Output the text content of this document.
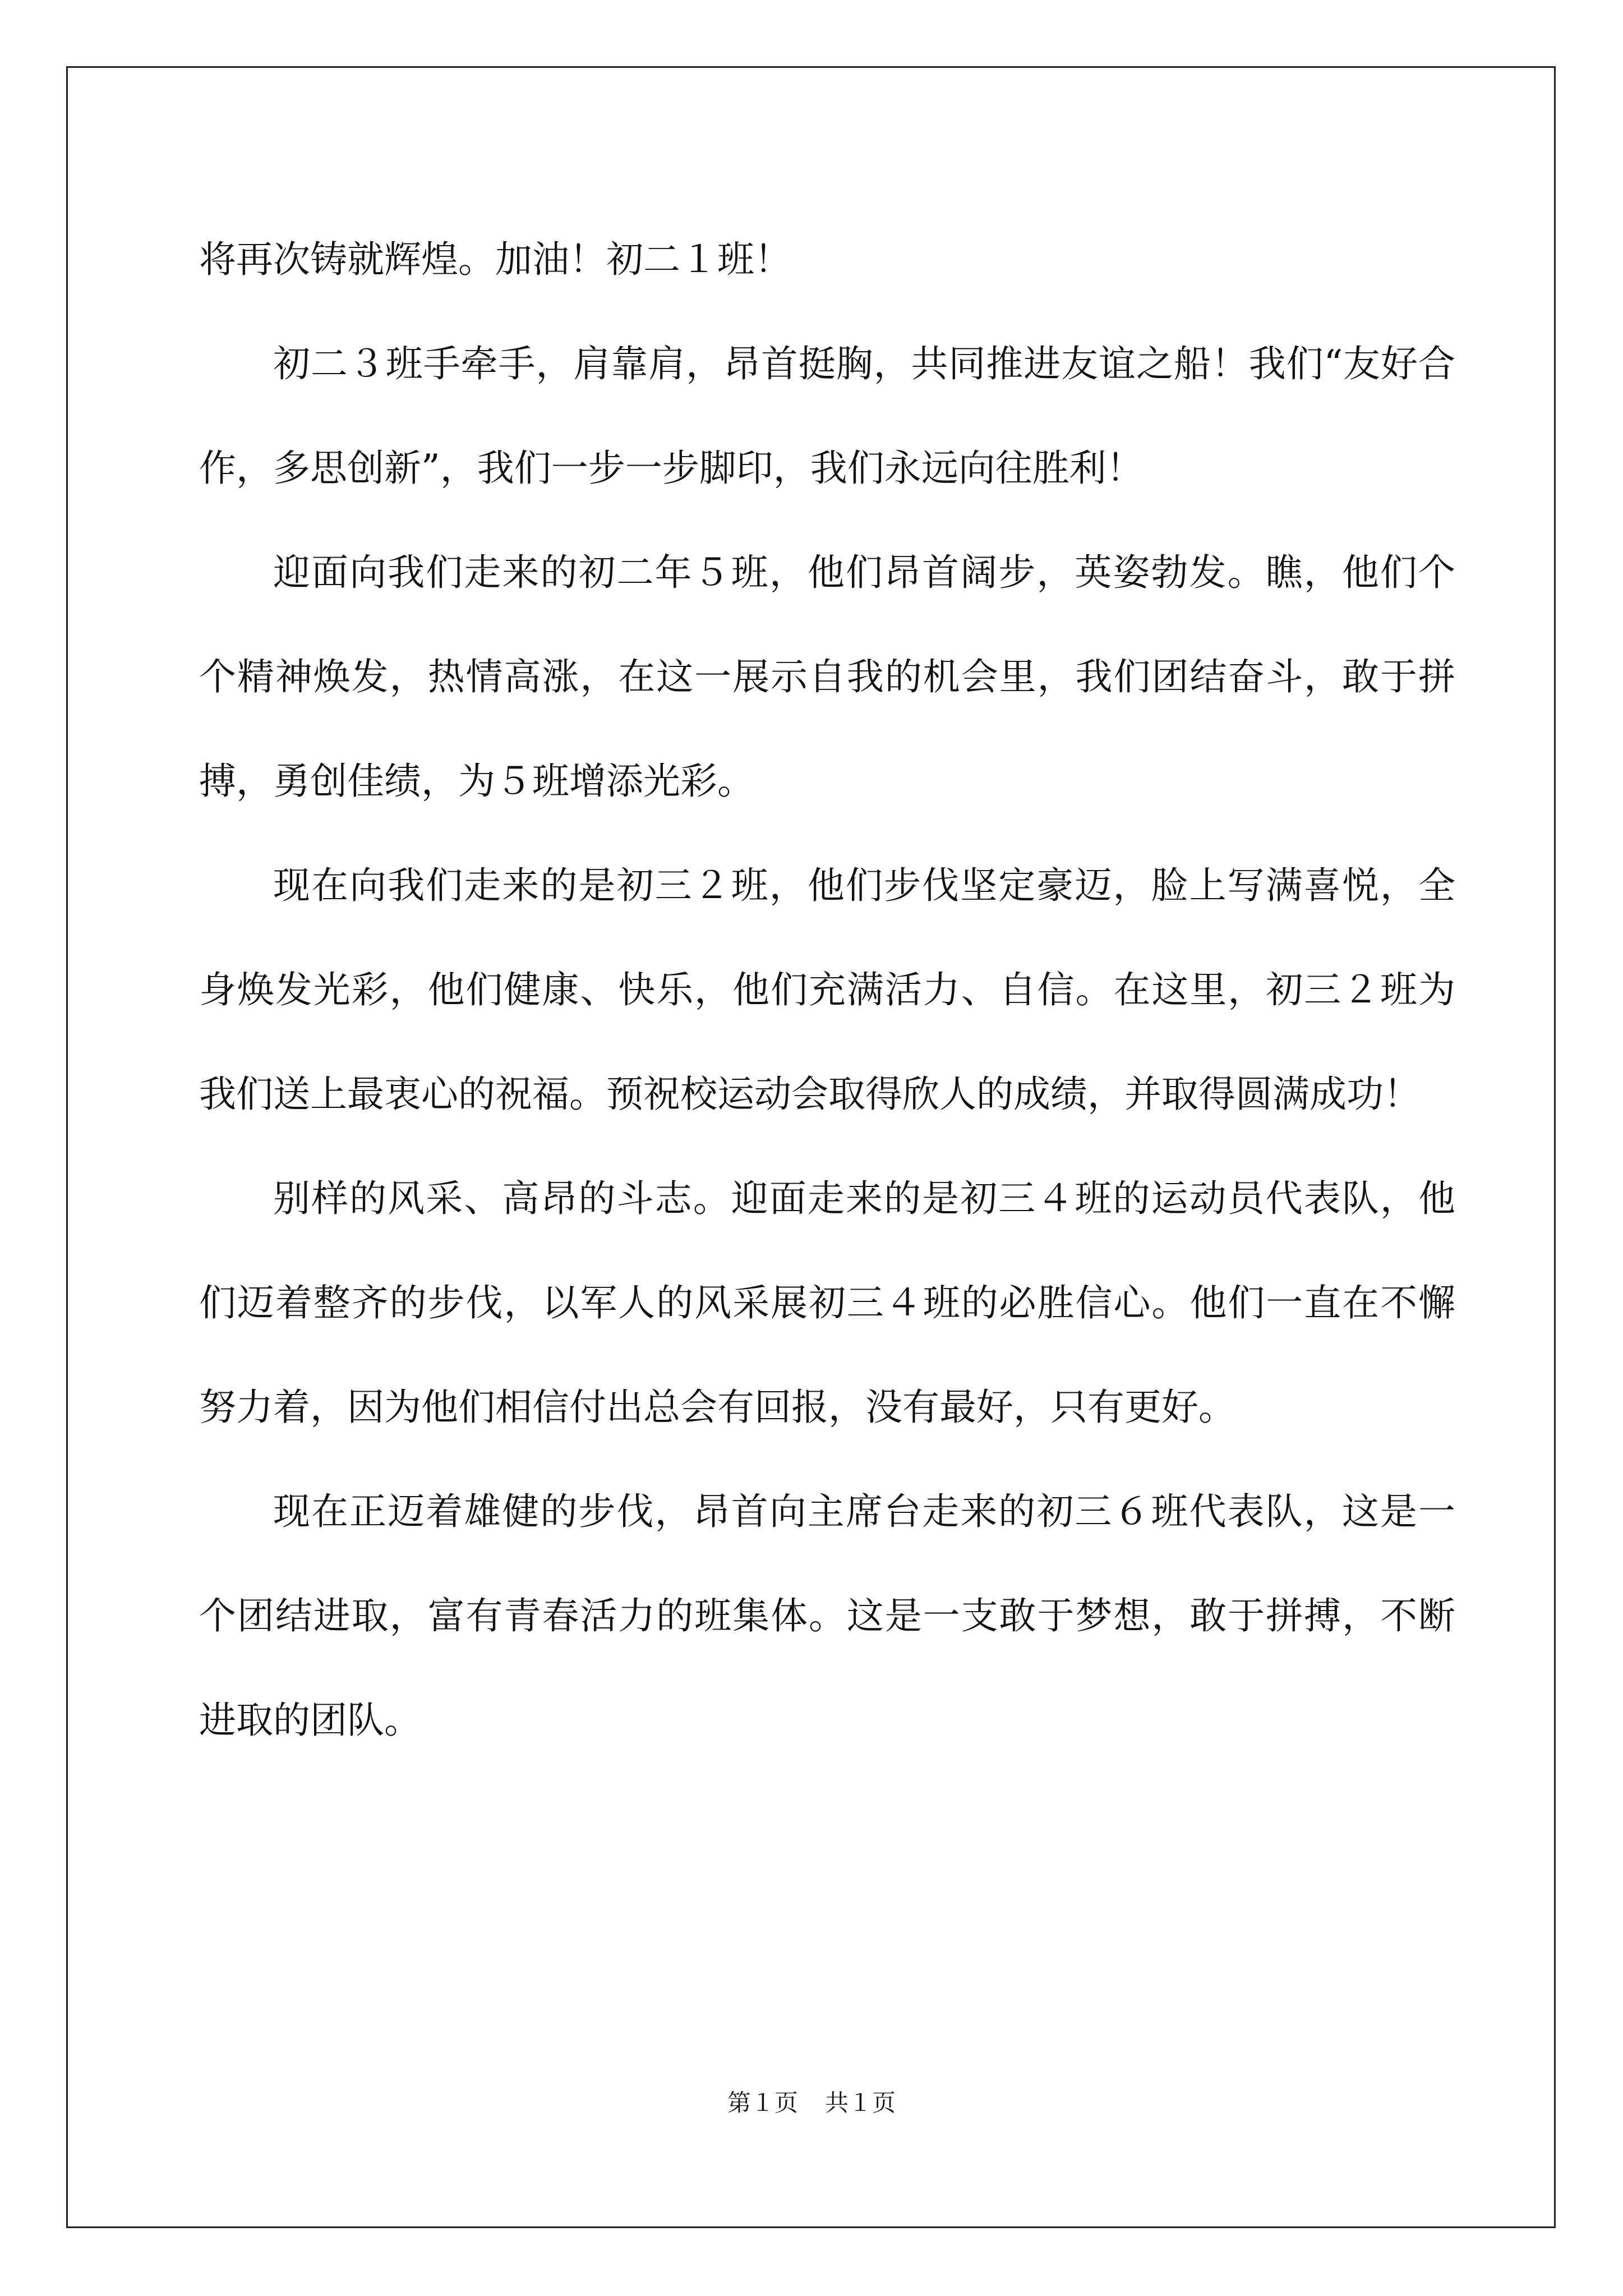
将再次铸就辉煌。加油！初二１班！

初二３班手牵手，肩靠肩，昂首挺胸，共同推进友谊之船！我们“友好合作，多思创新”，我们一步一步脚印，我们永远向往胜利！

迎面向我们走来的初二年５班，他们昂首阔步，英姿勃发。瞧，他们个个精神焕发，热情高涨，在这一展示自我的机会里，我们团结奋斗，敢于拼搏，勇创佳绩，为５班增添光彩。

现在向我们走来的是初三２班，他们步伐坚定豪迈，脸上写满喜悦，全身焕发光彩，他们健康、快乐，他们充满活力、自信。在这里，初三２班为我们送上最衷心的祝福。预祝校运动会取得欣人的成绩，并取得圆满成功！

别样的风采、高昂的斗志。迎面走来的是初三４班的运动员代表队，他们迈着整齐的步伐，以军人的风采展初三４班的必胜信心。他们一直在不懈努力着，因为他们相信付出总会有回报，没有最好，只有更好。

现在正迈着雄健的步伐，昂首向主席台走来的初三６班代表队，这是一个团结进取，富有青春活力的班集体。这是一支敢于梦想，敢于拼搏，不断进取的团队。

第１页 共１页
